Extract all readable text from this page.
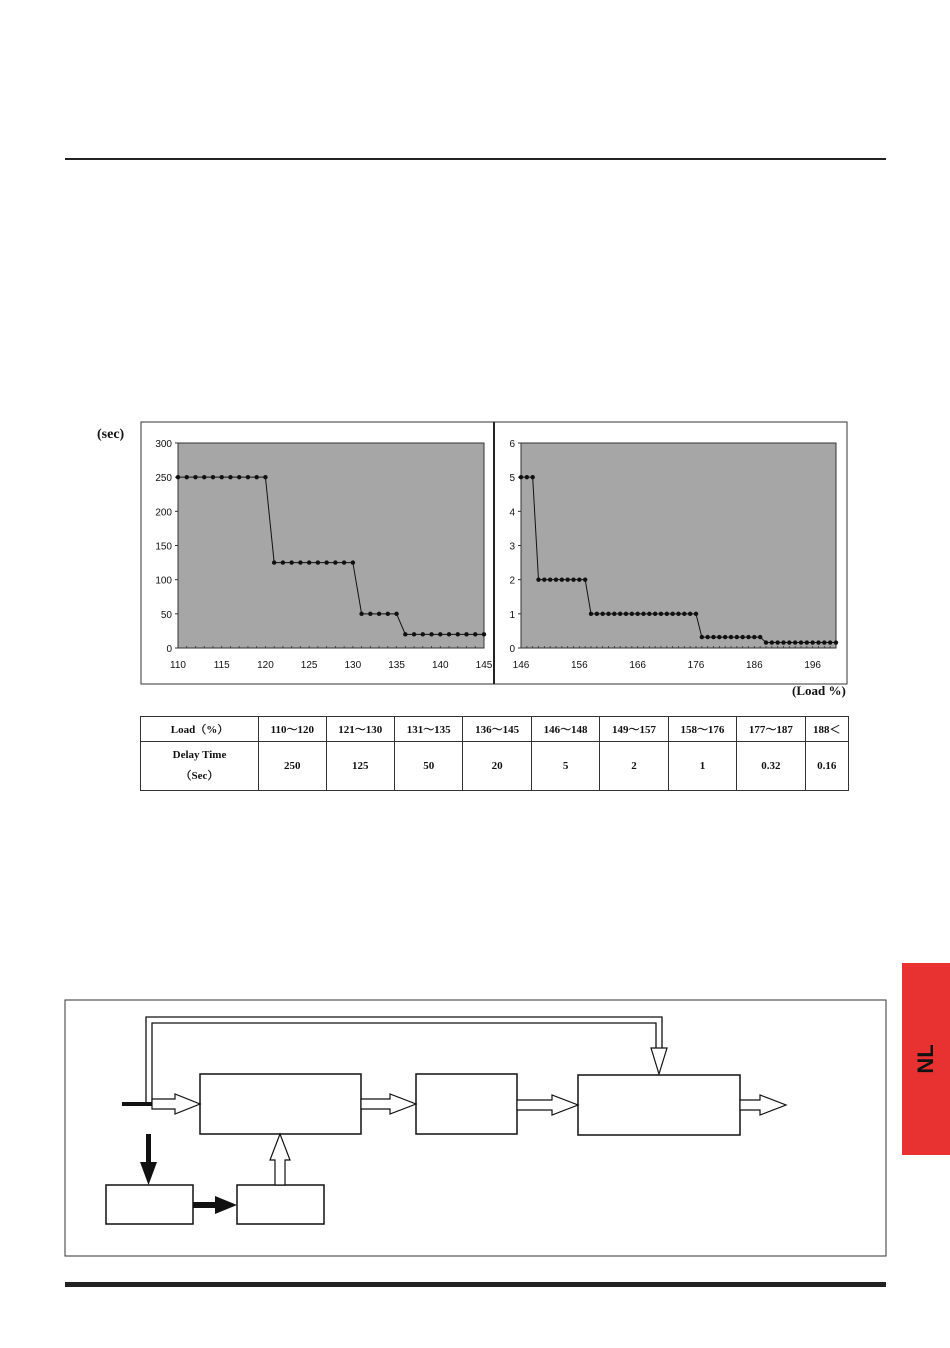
0
50
100
150
200
250
300
110	115	120	125	130	135	140	145
0
1
2
3
4
5
6
146	156	166	176	186	196
(sec)
(Load %)
Load（%）	110～120	121～130	131～135	136～145	146～148	149～157	158～176	177～187	188＜

Delay Time
（Sec）	250	125	50	20	5	2	1	0.32	0.16
NL
